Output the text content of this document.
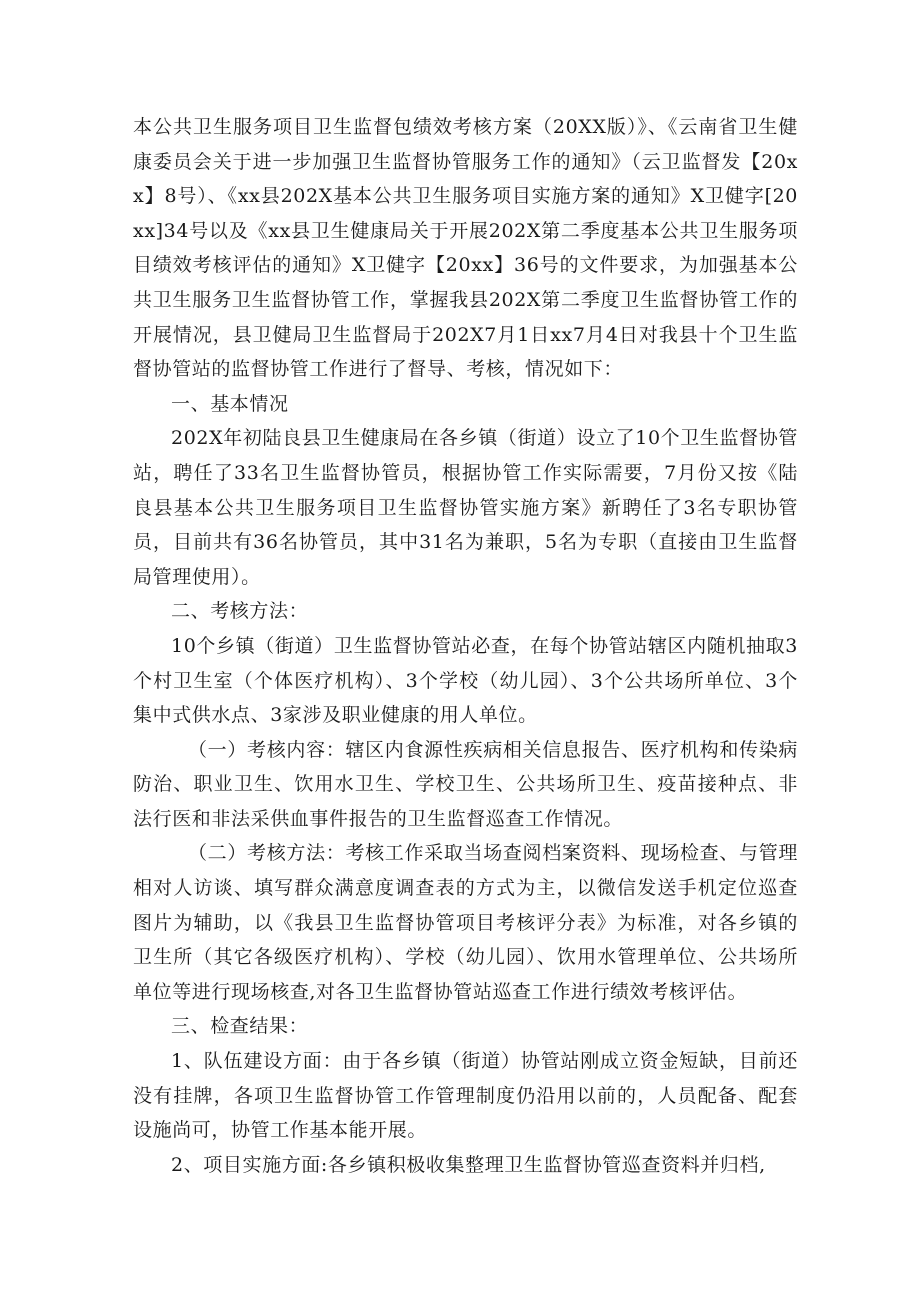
本公共卫生服务项目卫生监督包绩效考核方案（20XX版）》、《云南省卫生健康委员会关于进一步加强卫生监督协管服务工作的通知》（云卫监督发【20xx】8号）、《xx县202X基本公共卫生服务项目实施方案的通知》X卫健字[20xx]34号以及《xx县卫生健康局关于开展202X第二季度基本公共卫生服务项目绩效考核评估的通知》X卫健字【20xx】36号的文件要求，为加强基本公共卫生服务卫生监督协管工作，掌握我县202X第二季度卫生监督协管工作的开展情况，县卫健局卫生监督局于202X7月1日xx7月4日对我县十个卫生监督协管站的监督协管工作进行了督导、考核，情况如下：

一、基本情况

202X年初陆良县卫生健康局在各乡镇（街道）设立了10个卫生监督协管站，聘任了33名卫生监督协管员，根据协管工作实际需要，7月份又按《陆良县基本公共卫生服务项目卫生监督协管实施方案》新聘任了3名专职协管员，目前共有36名协管员，其中31名为兼职，5名为专职（直接由卫生监督局管理使用）。

二、考核方法：

10个乡镇（街道）卫生监督协管站必查，在每个协管站辖区内随机抽取3个村卫生室（个体医疗机构）、3个学校（幼儿园）、3个公共场所单位、3个集中式供水点、3家涉及职业健康的用人单位。

（一）考核内容：辖区内食源性疾病相关信息报告、医疗机构和传染病防治、职业卫生、饮用水卫生、学校卫生、公共场所卫生、疫苗接种点、非法行医和非法采供血事件报告的卫生监督巡查工作情况。

（二）考核方法：考核工作采取当场查阅档案资料、现场检查、与管理相对人访谈、填写群众满意度调查表的方式为主，以微信发送手机定位巡查图片为辅助，以《我县卫生监督协管项目考核评分表》为标准，对各乡镇的卫生所（其它各级医疗机构）、学校（幼儿园）、饮用水管理单位、公共场所单位等进行现场核查,对各卫生监督协管站巡查工作进行绩效考核评估。

三、检查结果：

1、队伍建设方面：由于各乡镇（街道）协管站刚成立资金短缺，目前还没有挂牌，各项卫生监督协管工作管理制度仍沿用以前的，人员配备、配套设施尚可，协管工作基本能开展。

2、项目实施方面:各乡镇积极收集整理卫生监督协管巡查资料并归档,
